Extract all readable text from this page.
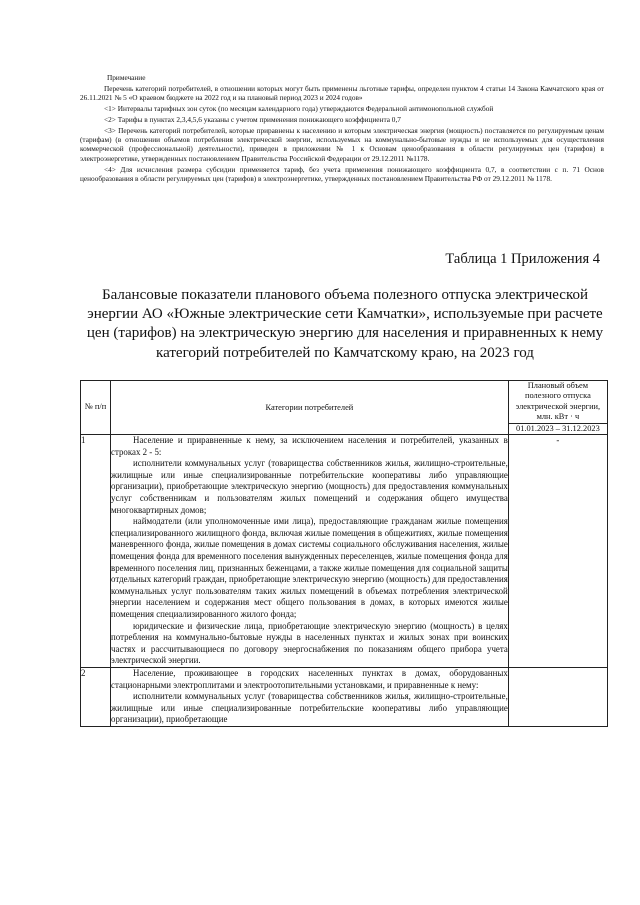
Примечание

Перечень категорий потребителей, в отношении которых могут быть применены льготные тарифы, определен пунктом 4 статьи 14 Закона Камчатского края от 26.11.2021 № 5 «О краевом бюджете на 2022 год и на плановый период 2023 и 2024 годов»

<1> Интервалы тарифных зон суток (по месяцам календарного года) утверждаются Федеральной антимонопольной службой

<2> Тарифы в пунктах 2,3,4,5,6 указаны с учетом применения понижающего коэффициента 0,7

<3> Перечень категорий потребителей, которые приравнены к населению и которым электрическая энергия (мощность) поставляется по регулируемым ценам (тарифам) (в отношении объемов потребления электрической энергии, используемых на коммунально-бытовые нужды и не используемых для осуществления коммерческой (профессиональной) деятельности), приведен в приложении № 1 к Основам ценообразования в области регулируемых цен (тарифов) в электроэнергетике, утвержденных постановлением Правительства Российской Федерации от 29.12.2011 №1178.

<4> Для исчисления размера субсидии применяется тариф, без учета применения понижающего коэффициента 0,7, в соответствии с п. 71 Основ ценообразования в области регулируемых цен (тарифов) в электроэнергетике, утвержденных постановлением Правительства РФ от 29.12.2011 № 1178.

Таблица 1 Приложения 4
Балансовые показатели планового объема полезного отпуска электрической энергии АО «Южные электрические сети Камчатки», используемые при расчете цен (тарифов) на электрическую энергию для населения и приравненных к нему категорий потребителей по Камчатскому краю, на 2023 год
№ п/п	Категории потребителей	Плановый объем полезного отпуска электрической энергии, млн. кВт · ч
		01.01.2023 – 31.12.2023
1	Население и приравненные к нему, за исключением населения и потребителей, указанных в строках 2 - 5:

исполнители коммунальных услуг (товарищества собственников жилья, жилищно-строительные, жилищные или иные специализированные потребительские кооперативы либо управляющие организации), приобретающие электрическую энергию (мощность) для предоставления коммунальных услуг собственникам и пользователям жилых помещений и содержания общего имущества многоквартирных домов;

наймодатели (или уполномоченные ими лица), предоставляющие гражданам жилые помещения специализированного жилищного фонда, включая жилые помещения в общежитиях, жилые помещения маневренного фонда, жилые помещения в домах системы социального обслуживания населения, жилые помещения фонда для временного поселения вынужденных переселенцев, жилые помещения фонда для временного поселения лиц, признанных беженцами, а также жилые помещения для социальной защиты отдельных категорий граждан, приобретающие электрическую энергию (мощность) для предоставления коммунальных услуг пользователям таких жилых помещений в объемах потребления электрической энергии населением и содержания мест общего пользования в домах, в которых имеются жилые помещения специализированного жилого фонда;

юридические и физические лица, приобретающие электрическую энергию (мощность) в целях потребления на коммунально-бытовые нужды в населенных пунктах и жилых зонах при воинских частях и рассчитывающиеся по договору энергоснабжения по показаниям общего прибора учета электрической энергии.	-
2	Население, проживающее в городских населенных пунктах в домах, оборудованных стационарными электроплитами и электроотопительными установками, и приравненные к нему:

исполнители коммунальных услуг (товарищества собственников жилья, жилищно-строительные, жилищные или иные специализированные потребительские кооперативы либо управляющие организации), приобретающие	
